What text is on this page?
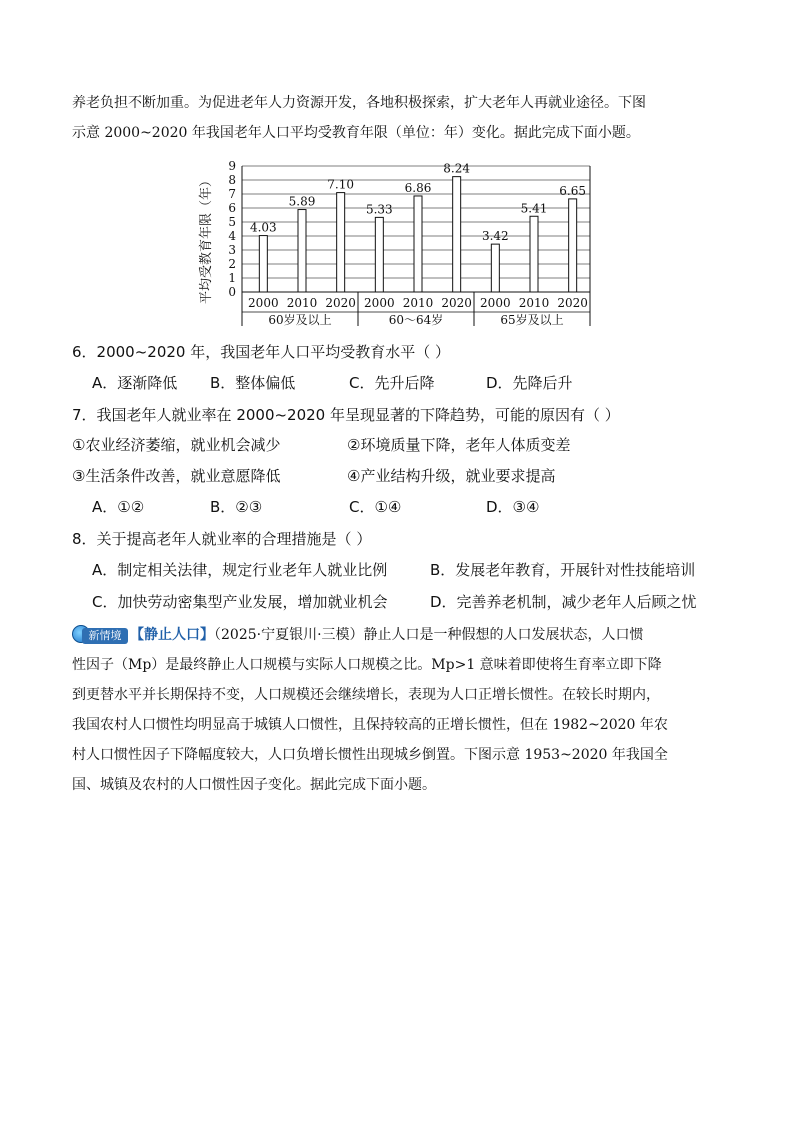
养老负担不断加重。为促进老年人力资源开发，各地积极探索，扩大老年人再就业途径。下图
示意 2000~2020 年我国老年人口平均受教育年限（单位：年）变化。据此完成下面小题。
0
1
2
3
4
5
6
7
8
9
平均受教育年限（年）	4.03
2000
5.89
2010
7.10
2020
60岁及以上
5.33
2000
6.86
2010
8.24
2020
60～64岁
3.42
2000
5.41
2010
6.65
2020
65岁及以上
6．2000~2020 年，我国老年人口平均受教育水平（ ）
A．逐渐降低 B．整体偏低	C．先升后降	D．先降后升
7．我国老年人就业率在 2000~2020 年呈现显著的下降趋势，可能的原因有（ ）
①农业经济萎缩，就业机会减少	②环境质量下降，老年人体质变差
③生活条件改善，就业意愿降低	④产业结构升级，就业要求提高
A．①②	B．②③	C．①④	D．③④
8．关于提高老年人就业率的合理措施是（ ）
A．制定相关法律，规定行业老年人就业比例	B．发展老年教育，开展针对性技能培训
C．加快劳动密集型产业发展，增加就业机会	D．完善养老机制，减少老年人后顾之忧
新情境 【静止人口】（2025·宁夏银川·三模）静止人口是一种假想的人口发展状态，人口惯
性因子（Mp）是最终静止人口规模与实际人口规模之比。Mp>1 意味着即使将生育率立即下降
到更替水平并长期保持不变，人口规模还会继续增长，表现为人口正增长惯性。在较长时期内，
我国农村人口惯性均明显高于城镇人口惯性，且保持较高的正增长惯性，但在 1982~2020 年农
村人口惯性因子下降幅度较大，人口负增长惯性出现城乡倒置。下图示意 1953~2020 年我国全
国、城镇及农村的人口惯性因子变化。据此完成下面小题。
